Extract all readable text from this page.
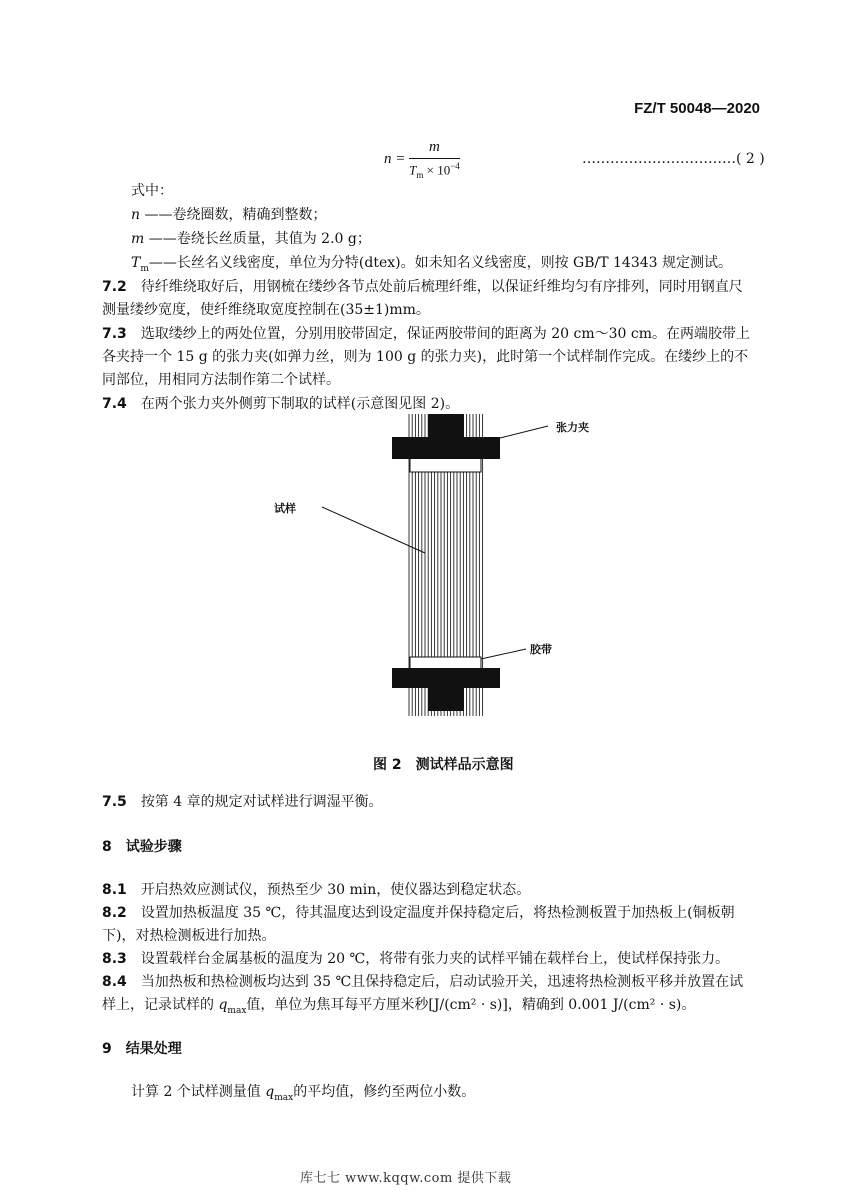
FZ/T 50048—2020
$n = \frac{m}{T_m \times 10^{-4}}$	……………………………( 2 )
式中：
n ——卷绕圈数，精确到整数；
m ——卷绕长丝质量，其值为 2.0 g；
$T_m——$长丝名义线密度，单位为分特(dtex)。如未知名义线密度，则按 GB/T 14343 规定测试。
7.2　 待纤维绕取好后，用钢梳在缕纱各节点处前后梳理纤维，以保证纤维均匀有序排列，同时用钢直尺
测量缕纱宽度，使纤维绕取宽度控制在(35±1)mm。
7.3　 选取缕纱上的两处位置，分别用胶带固定，保证两胶带间的距离为 20 cm～30 cm。在两端胶带上
各夹持一个 15 g 的张力夹(如弹力丝，则为 100 g 的张力夹)，此时第一个试样制作完成。在缕纱上的不
同部位，用相同方法制作第二个试样。
7.4　 在两个张力夹外侧剪下制取的试样(示意图见图 2)。
张力夹
试样
胶带
图 2　测试样品示意图
7.5　 按第 4 章的规定对试样进行调湿平衡。
8　试验步骤
8.1　 开启热效应测试仪，预热至少 30 min，使仪器达到稳定状态。
8.2　 设置加热板温度 35 ℃，待其温度达到设定温度并保持稳定后，将热检测板置于加热板上(铜板朝
下)，对热检测板进行加热。
8.3　 设置载样台金属基板的温度为 20 ℃，将带有张力夹的试样平铺在载样台上，使试样保持张力。
8.4　 当加热板和热检测板均达到 35 ℃且保持稳定后，启动试验开关，迅速将热检测板平移并放置在试
样上，记录试样的 $q_{max}$值，单位为焦耳每平方厘米秒[J/(cm² · s)]，精确到 0.001 J/(cm² · s)。
9　结果处理
计算 2 个试样测量值 $q_{max}$的平均值，修约至两位小数。
库七七 www.kqqw.com 提供下载
